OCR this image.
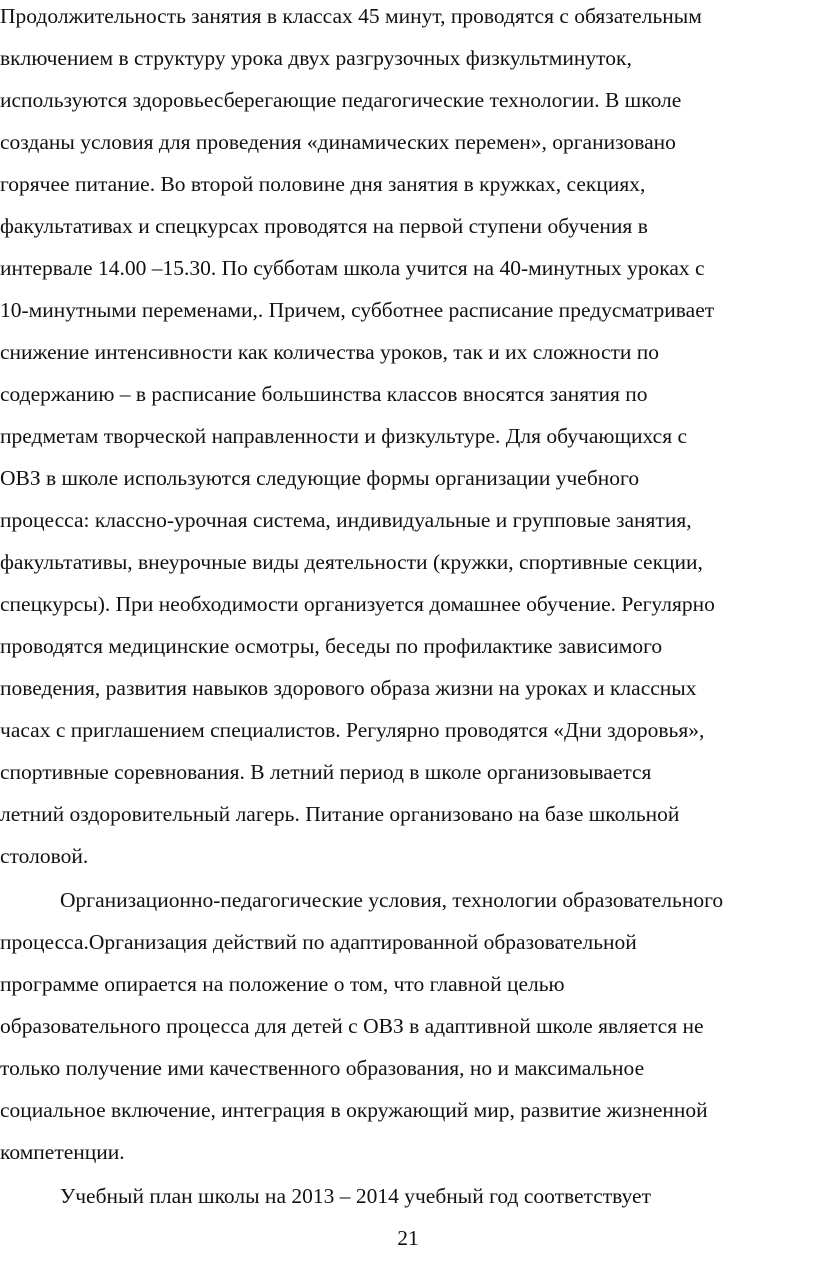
Продолжительность занятия в классах 45 минут, проводятся с обязательным
включением в структуру урока двух разгрузочных физкультминуток,
используются здоровьесберегающие педагогические технологии. В школе
созданы условия для проведения «динамических перемен», организовано
горячее питание. Во второй половине дня занятия в кружках, секциях,
факультативах и спецкурсах проводятся на первой ступени обучения в
интервале 14.00 –15.30. По субботам школа учится на 40-минутных уроках с
10-минутными переменами,. Причем, субботнее расписание предусматривает
снижение интенсивности как количества уроков, так и их сложности по
содержанию – в расписание большинства классов вносятся занятия по
предметам творческой направленности и физкультуре. Для обучающихся с
ОВЗ в школе используются следующие формы организации учебного
процесса: классно-урочная система, индивидуальные и групповые занятия,
факультативы, внеурочные виды деятельности (кружки, спортивные секции,
спецкурсы). При необходимости организуется домашнее обучение. Регулярно
проводятся медицинские осмотры, беседы по профилактике зависимого
поведения, развития навыков здорового образа жизни на уроках и классных
часах с приглашением специалистов. Регулярно проводятся «Дни здоровья»,
спортивные соревнования. В летний период в школе организовывается
летний оздоровительный лагерь. Питание организовано на базе школьной
столовой.
Организационно-педагогические условия, технологии образовательного
процесса.Организация действий по адаптированной образовательной
программе опирается на положение о том, что главной целью
образовательного процесса для детей с ОВЗ в адаптивной школе является не
только получение ими качественного образования, но и максимальное
социальное включение, интеграция в окружающий мир, развитие жизненной
компетенции.
Учебный план школы на 2013 – 2014 учебный год соответствует
21
